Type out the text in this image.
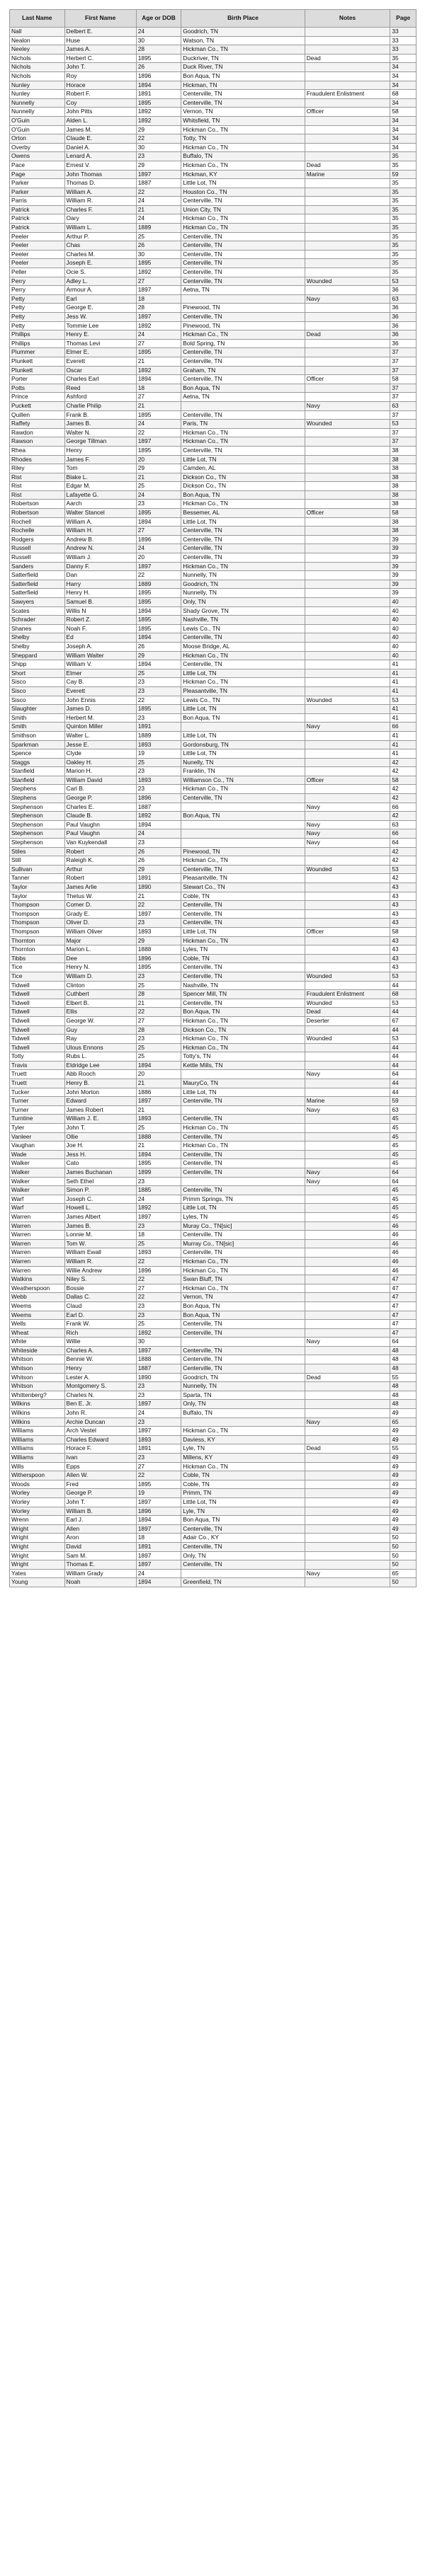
Last Name	First Name	Age or DOB	Birth Place	Notes	Page
Nall	Delbert E.	24	Goodrich, TN		33
Nealon	Huse	30	Watson, TN		33
Neeley	James A.	28	Hickman Co., TN		33
Nichols	Herbert C.	1895	Duckriver, TN	Dead	35
Nichols	John T.	26	Duck River, TN		34
Nichols	Roy	1896	Bon Aqua, TN		34
Nunley	Horace	1894	Hickman, TN		34
Nunley	Robert F.	1891	Centerville, TN	Fraudulent Enlistment	68
Nunnelly	Coy	1895	Centerville, TN		34
Nunnelly	John Pitts	1892	Vernon, TN	Officer	58
O'Guin	Alden L.	1892	Whitsfield, TN		34
O'Guin	James M.	29	Hickman Co., TN		34
Orton	Claude E.	22	Totty, TN		34
Overby	Daniel A.	30	Hickman Co., TN		34
Owens	Lenard A.	23	Buffalo, TN		35
Pace	Ernest V.	29	Hickman Co., TN	Dead	35
Page	John Thomas	1897	Hickman, KY	Marine	59
Parker	Thomas D.	1887	Little Lot, TN		35
Parker	William A.	22	Houston Co., TN		35
Parris	William R.	24	Centerville, TN		35
Patrick	Charles F.	21	Union City, TN		35
Patrick	Oary	24	Hickman Co., TN		35
Patrick	William L.	1889	Hickman Co., TN		35
Peeler	Arthur P.	25	Centerville, TN		35
Peeler	Chas	26	Centerville, TN		35
Peeler	Charles M.	30	Centerville, TN		35
Peeler	Joseph E.	1895	Centerville, TN		35
Peller	Ocie S.	1892	Centerville, TN		35
Perry	Adley L.	27	Centerville, TN	Wounded	53
Perry	Armour A.	1897	Aetna, TN		36
Petty	Earl	18		Navy	63
Petty	George E.	28	Pinewood, TN		36
Petty	Jess W.	1897	Centerville, TN		36
Petty	Tommie Lee	1892	Pinewood, TN		36
Phillips	Henry E.	24	Hickman Co., TN	Dead	36
Phillips	Thomas Levi	27	Bold Spring, TN		36
Plummer	Elmer E.	1895	Centerville, TN		37
Plunkett	Everett	21	Centerville, TN		37
Plunkett	Oscar	1892	Graham, TN		37
Porter	Charles Earl	1894	Centerville, TN	Officer	58
Potts	Reed	18	Bon Aqua, TN		37
Prince	Ashford	27	Aetna, TN		37
Puckett	Charlie Philip	21		Navy	63
Quillen	Frank B.	1895	Centerville, TN		37
Raffety	James B.	24	Paris, TN	Wounded	53
Rawdon	Walter N.	22	Hickman Co., TN		37
Rawson	George Tillman	1897	Hickman Co., TN		37
Rhea	Henry	1895	Centerville, TN		38
Rhodes	James F.	20	Little Lot, TN		38
Riley	Tom	29	Camden, AL		38
Rist	Blake L.	21	Dickson Co., TN		38
Rist	Edgar M.	25	Dickson Co., TN		38
Rist	Lafayette G.	24	Bon Aqua, TN		38
Robertson	Aarch	23	Hickman Co., TN		38
Robertson	Walter Stancel	1895	Bessemer, AL	Officer	58
Rochell	William A.	1894	Little Lot, TN		38
Rochelle	William H.	27	Centerville, TN		38
Rodgers	Andrew B.	1896	Centerville, TN		39
Russell	Andrew N.	24	Centerville, TN		39
Russell	William J.	20	Centerville, TN		39
Sanders	Danny F.	1897	Hickman Co., TN		39
Satterfield	Dan	22	Nunnelly, TN		39
Satterfield	Harry	1889	Goodrich, TN		39
Satterfield	Henry H.	1895	Nunnelly, TN		39
Sawyers	Samuel B.	1895	Only, TN		40
Scates	Willis N	1894	Shady Grove, TN		40
Schrader	Robert Z.	1895	Nashville, TN		40
Shanes	Noah F.	1895	Lewis Co., TN		40
Shelby	Ed	1894	Centerville, TN		40
Shelby	Joseph A.	26	Moose Bridge, AL		40
Sheppard	William Walter	29	Hickman Co., TN		40
Shipp	William V.	1894	Centerville, TN		41
Short	Elmer	25	Little Lot, TN		41
Sisco	Cay B.	23	Hickman Co., TN		41
Sisco	Everett	23	Pleasantville, TN		41
Sisco	John Ennis	22	Lewis Co., TN	Wounded	53
Slaughter	James D.	1895	Little Lot, TN		41
Smith	Herbert M.	23	Bon Aqua, TN		41
Smith	Quinton Miller	1891		Navy	66
Smithson	Walter L.	1889	Little Lot, TN		41
Sparkman	Jesse E.	1893	Gordonsburg, TN		41
Spence	Clyde	19	Little Lot, TN		41
Staggs	Oakley H.	25	Nunelly, TN		42
Stanfield	Marion H.	23	Franklin, TN		42
Stanfield	William David	1893	Williamson Co., TN	Officer	58
Stephens	Carl B.	23	Hickman Co., TN		42
Stephens	George P.	1896	Centerville, TN		42
Stephenson	Charles E.	1887		Navy	66
Stephenson	Claude B.	1892	Bon Aqua, TN		42
Stephenson	Paul Vaughn	1894		Navy	63
Stephenson	Paul Vaughn	24		Navy	66
Stephenson	Van Kuykendall	23		Navy	64
Stiles	Robert	26	Pinewood, TN		42
Still	Raleigh K.	26	Hickman Co., TN		42
Sullivan	Arthur	29	Centerville, TN	Wounded	53
Tanner	Robert	1891	Pleasantville, TN		42
Taylor	James Arlie	1890	Stewart Co., TN		43
Taylor	Thetus W.	21	Coble, TN		43
Thompson	Comer D.	22	Centerville, TN		43
Thompson	Grady E.	1897	Centerville, TN		43
Thompson	Oliver D.	23	Centerville, TN		43
Thompson	William Oliver	1893	Little Lot, TN	Officer	58
Thornton	Major	29	Hickman Co., TN		43
Thornton	Marion L.	1888	Lyles, TN		43
Tibbs	Dee	1896	Coble, TN		43
Tice	Henry N.	1895	Centerville, TN		43
Tice	William D.	23	Centerville, TN	Wounded	53
Tidwell	Clinton	25	Nashville, TN		44
Tidwell	Cuthbert	28	Spencer Mill, TN	Fraudulent Enlistment	68
Tidwell	Elbert B.	21	Centerville, TN	Wounded	53
Tidwell	Ellis	22	Bon Aqua, TN	Dead	44
Tidwell	George W.	27	Hickman Co., TN	Deserter	67
Tidwell	Guy	28	Dickson Co., TN		44
Tidwell	Ray	23	Hickman Co., TN	Wounded	53
Tidwell	Ulous Ennons	25	Hickman Co., TN		44
Totty	Rubs L.	25	Totty's, TN		44
Travis	Eldridge Lee	1894	Kettle Mills, TN		44
Truett	Abb Rooch	20		Navy	64
Truett	Henry B.	21	MauryCo, TN		44
Tucker	John Morton	1886	Little Lot, TN		44
Turner	Edward	1897	Centerville, TN	Marine	59
Turner	James Robert	21		Navy	63
Turntine	William J. E.	1893	Centerville, TN		45
Tyler	John T.	25	Hickman Co., TN		45
Vanleer	Ollie	1888	Centerville, TN		45
Vaughan	Joe H.	21	Hickman Co., TN		45
Wade	Jess H.	1894	Centerville, TN		45
Walker	Cato	1895	Centerville, TN		45
Walker	James Buchanan	1899	Centerville, TN	Navy	64
Walker	Seth Ethel	23		Navy	64
Walker	Simon P.	1885	Centerville, TN		45
Warf	Joseph C.	24	Primm Springs, TN		45
Warf	Howell L.	1892	Little Lot, TN		45
Warren	James Albert	1897	Lyles, TN		45
Warren	James B.	23	Muray Co., TN[sic]		46
Warren	Lonnie M.	18	Centerville, TN		46
Warren	Tom W.	25	Murray Co., TN[sic]		46
Warren	William Ewall	1893	Centerville, TN		46
Warren	William R.	22	Hickman Co., TN		46
Warren	Willie Andrew	1896	Hickman Co., TN		46
Watkins	Niley S.	22	Swan Bluff, TN		47
Weatherspoon	Bossie	27	Hickman Co., TN		47
Webb	Dallas C.	22	Vernon, TN		47
Weems	Claud	23	Bon Aqua, TN		47
Weems	Earl D.	23	Bon Aqua, TN		47
Wells	Frank W.	25	Centerville, TN		47
Wheat	Rich	1892	Centerville, TN		47
White	Willie	30		Navy	64
Whiteside	Charles A.	1897	Centerville, TN		48
Whitson	Bennie W.	1888	Centerville, TN		48
Whitson	Henry	1887	Centerville, TN		48
Whitson	Lester A.	1890	Goodrich, TN	Dead	55
Whitson	Montgomery S.	23	Nunnelly, TN		48
Whittenberg?	Charles N.	23	Sparta, TN		48
Wilkins	Ben E. Jr.	1897	Only, TN		48
Wilkins	John R.	24	Buffalo, TN		49
Wilkins	Archie Duncan	23		Navy	65
Williams	Arch Vestel	1897	Hickman Co., TN		49
Williams	Charles Edward	1893	Daviess, KY		49
Williams	Horace F.	1891	Lyle, TN	Dead	55
Williams	Ivan	23	Millens, KY		49
Wills	Epps	27	Hickman Co., TN		49
Witherspoon	Allen W.	22	Coble, TN		49
Woods	Fred	1895	Coble, TN		49
Worley	George P.	19	Primm, TN		49
Worley	John T.	1897	Little Lot, TN		49
Worley	William B.	1896	Lyle, TN		49
Wrenn	Earl J.	1894	Bon Aqua, TN		49
Wright	Allen	1897	Centerville, TN		49
Wright	Aron	18	Adair Co., KY		50
Wright	David	1891	Centerville, TN		50
Wright	Sam M.	1897	Only, TN		50
Wright	Thomas E.	1897	Centerville, TN		50
Yates	William Grady	24		Navy	65
Young	Noah	1894	Greenfield, TN		50
